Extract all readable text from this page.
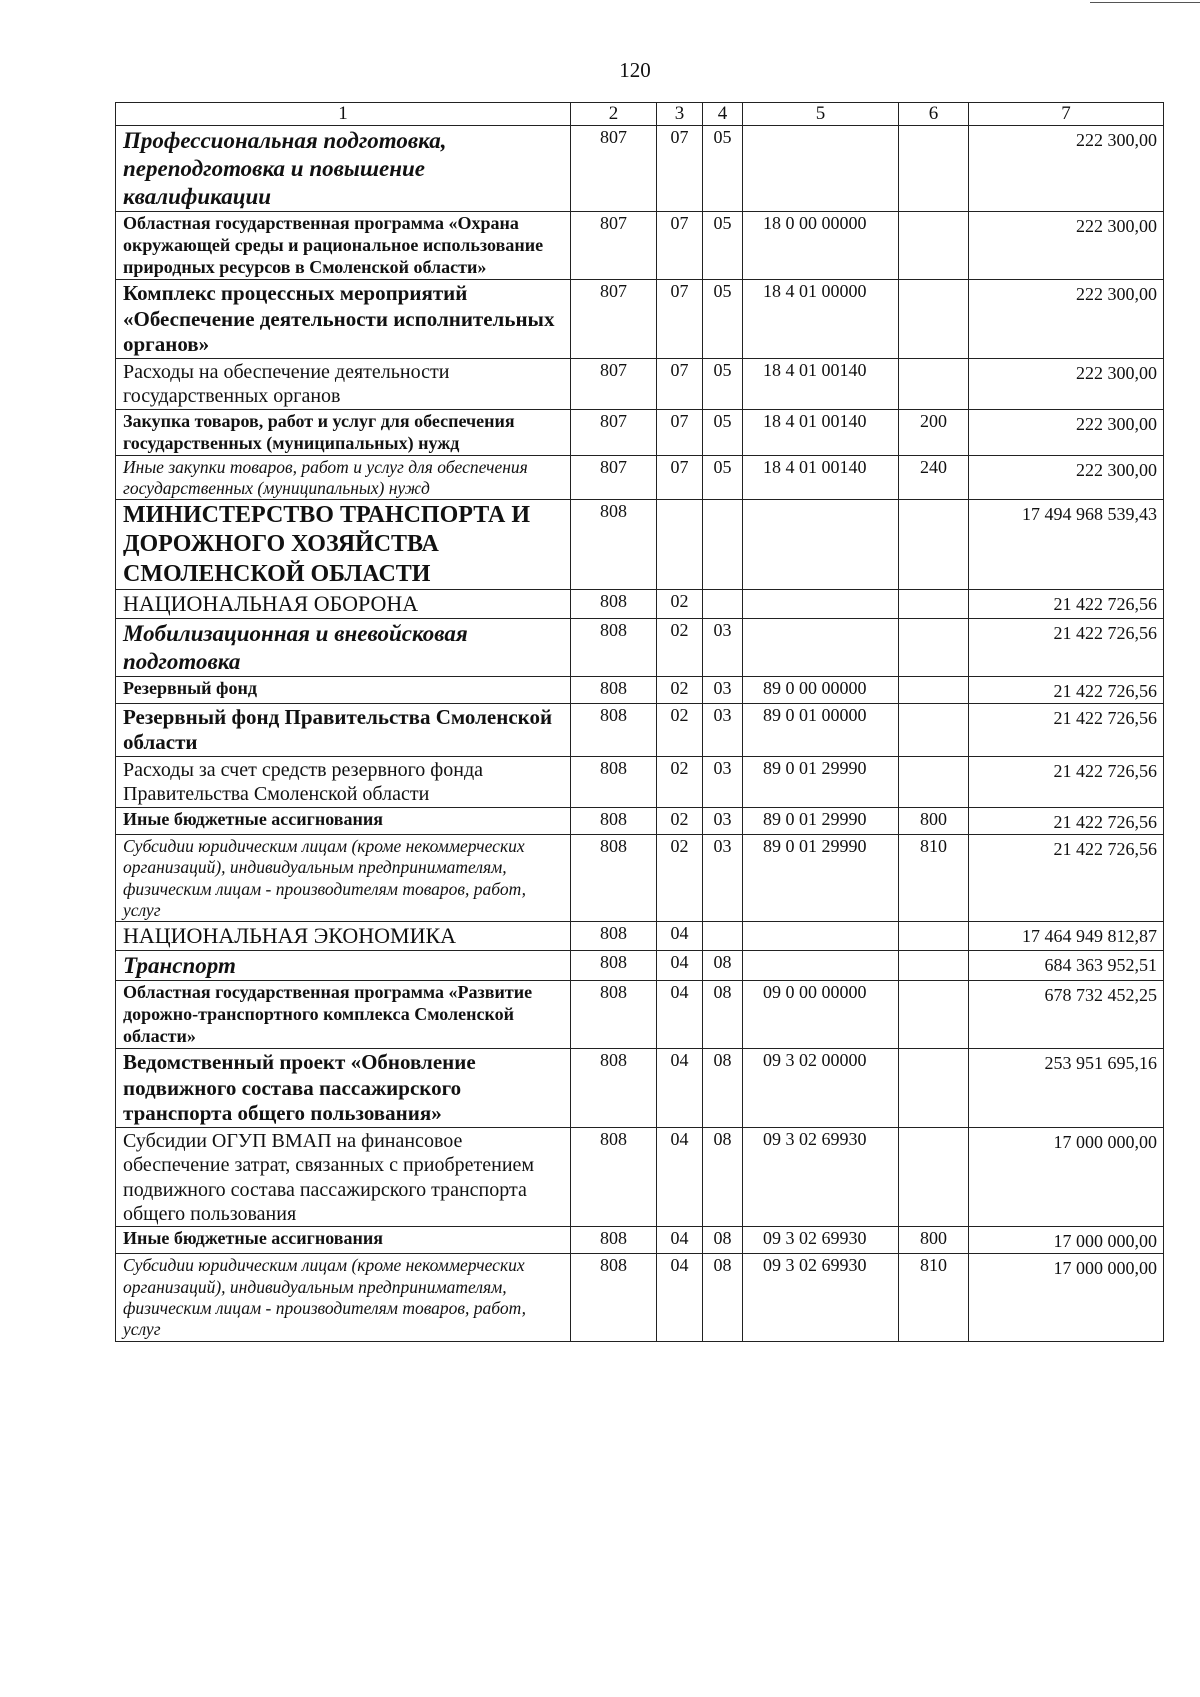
120
1	2	3	4	5	6	7
Профессиональная подготовка, переподготовка и повышение квалификации	807	07	05			222 300,00
Областная государственная программа «Охрана окружающей среды и рациональное использование природных ресурсов в Смоленской области»	807	07	05	18 0 00 00000		222 300,00
Комплекс процессных мероприятий «Обеспечение деятельности исполнительных органов»	807	07	05	18 4 01 00000		222 300,00
Расходы на обеспечение деятельности государственных органов	807	07	05	18 4 01 00140		222 300,00
Закупка товаров, работ и услуг для обеспечения государственных (муниципальных) нужд	807	07	05	18 4 01 00140	200	222 300,00
Иные закупки товаров, работ и услуг для обеспечения государственных (муниципальных) нужд	807	07	05	18 4 01 00140	240	222 300,00
МИНИСТЕРСТВО ТРАНСПОРТА И ДОРОЖНОГО ХОЗЯЙСТВА СМОЛЕНСКОЙ ОБЛАСТИ	808					17 494 968 539,43
НАЦИОНАЛЬНАЯ ОБОРОНА	808	02				21 422 726,56
Мобилизационная и вневойсковая подготовка	808	02	03			21 422 726,56
Резервный фонд	808	02	03	89 0 00 00000		21 422 726,56
Резервный фонд Правительства Смоленской области	808	02	03	89 0 01 00000		21 422 726,56
Расходы за счет средств резервного фонда Правительства Смоленской области	808	02	03	89 0 01 29990		21 422 726,56
Иные бюджетные ассигнования	808	02	03	89 0 01 29990	800	21 422 726,56
Субсидии юридическим лицам (кроме некоммерческих организаций), индивидуальным предпринимателям, физическим лицам - производителям товаров, работ, услуг	808	02	03	89 0 01 29990	810	21 422 726,56
НАЦИОНАЛЬНАЯ ЭКОНОМИКА	808	04				17 464 949 812,87
Транспорт	808	04	08			684 363 952,51
Областная государственная программа «Развитие дорожно-транспортного комплекса Смоленской области»	808	04	08	09 0 00 00000		678 732 452,25
Ведомственный проект «Обновление подвижного состава пассажирского транспорта общего пользования»	808	04	08	09 3 02 00000		253 951 695,16
Субсидии ОГУП ВМАП на финансовое обеспечение затрат, связанных с приобретением подвижного состава пассажирского транспорта общего пользования	808	04	08	09 3 02 69930		17 000 000,00
Иные бюджетные ассигнования	808	04	08	09 3 02 69930	800	17 000 000,00
Субсидии юридическим лицам (кроме некоммерческих организаций), индивидуальным предпринимателям, физическим лицам - производителям товаров, работ, услуг	808	04	08	09 3 02 69930	810	17 000 000,00
